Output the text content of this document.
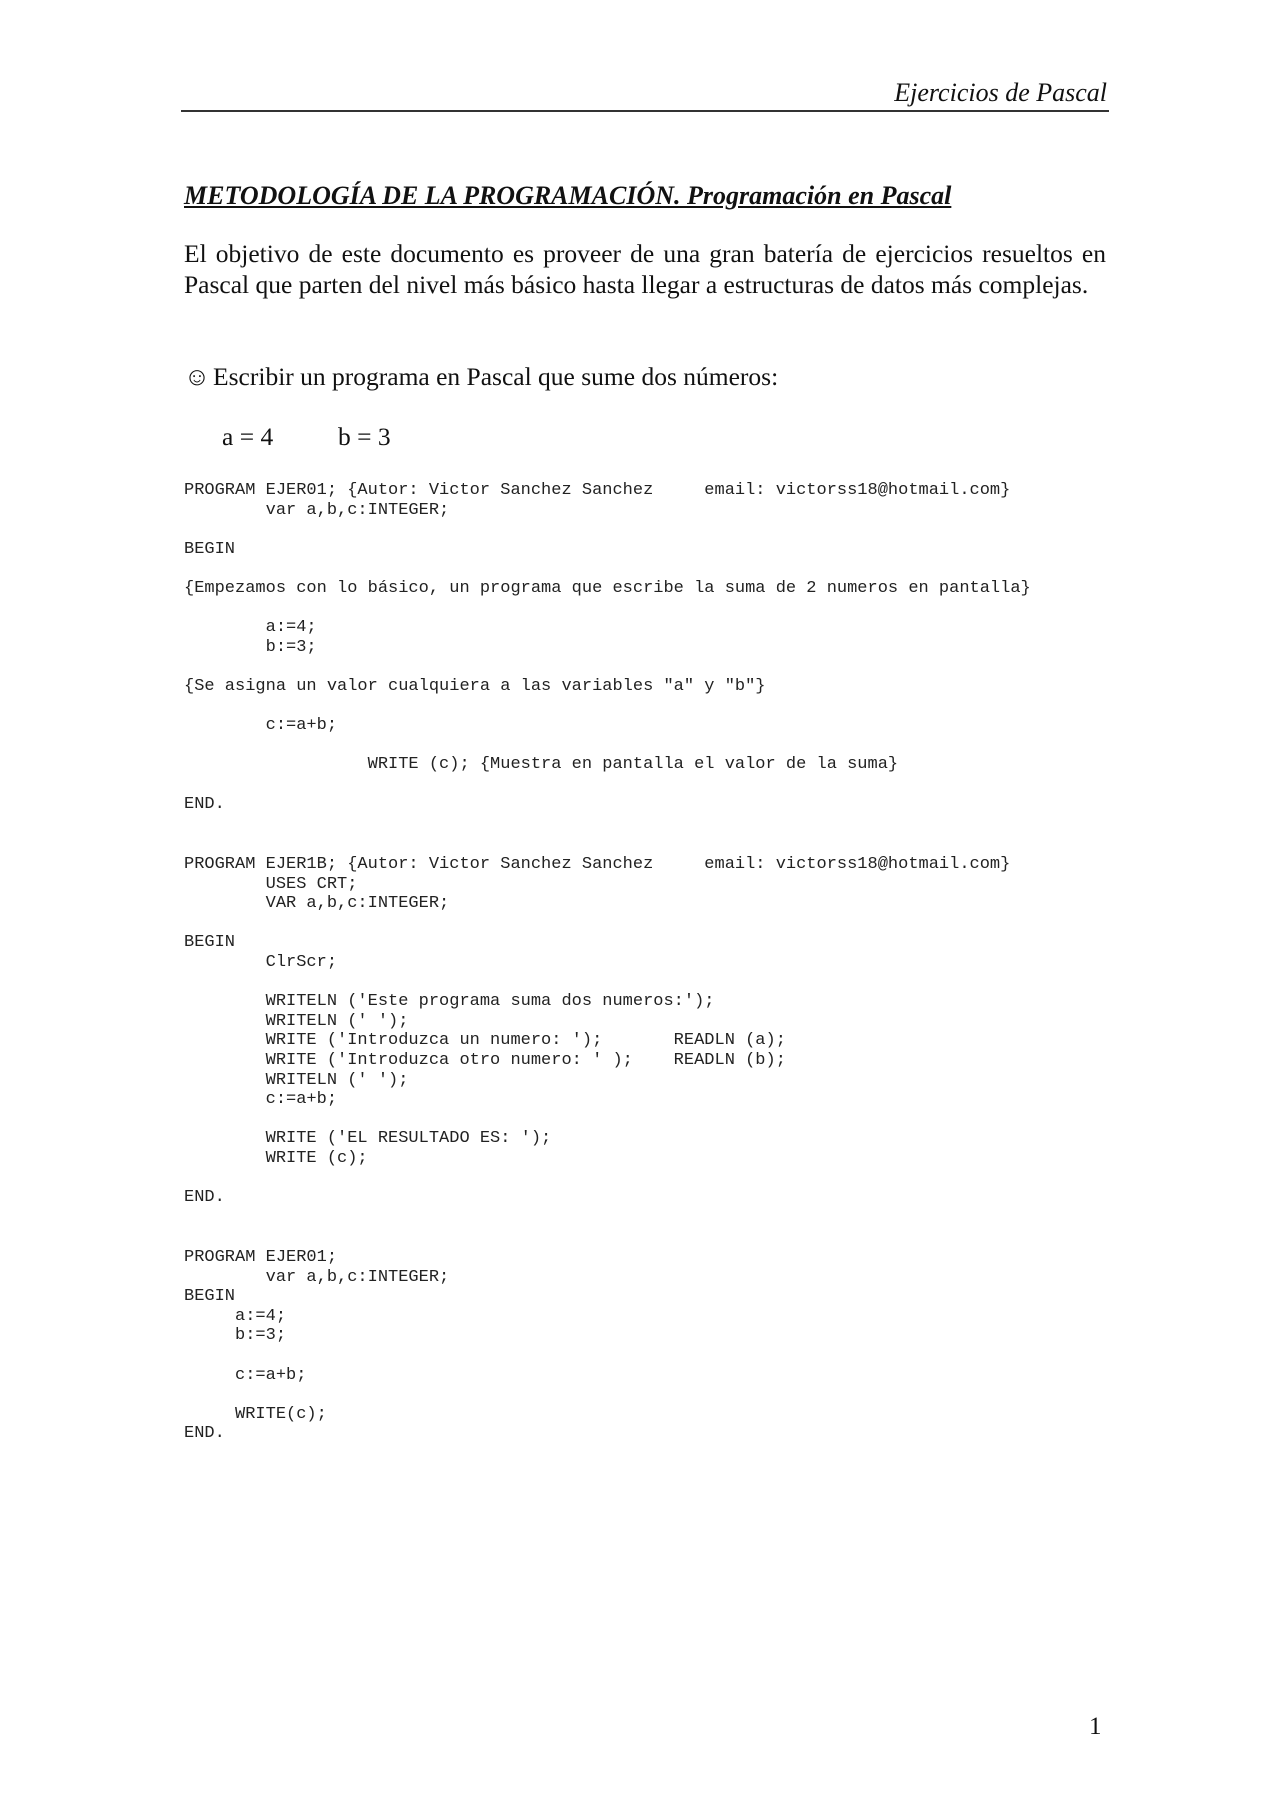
Ejercicios de Pascal
METODOLOGÍA DE LA PROGRAMACIÓN. Programación en Pascal

El objetivo de este documento es proveer de una gran batería de ejercicios resueltos en Pascal que parten del nivel más básico hasta llegar a estructuras de datos más complejas.

☺ Escribir un programa en Pascal que sume dos números:
a = 4	b = 3
PROGRAM EJER01; {Autor: Victor Sanchez Sanchez     email: victorss18@hotmail.com}
var a,b,c:INTEGER;

BEGIN

{Empezamos con lo básico, un programa que escribe la suma de 2 numeros en pantalla}

a:=4;
b:=3;

{Se asigna un valor cualquiera a las variables "a" y "b"}

c:=a+b;

WRITE (c); {Muestra en pantalla el valor de la suma}

END.
PROGRAM EJER1B; {Autor: Victor Sanchez Sanchez     email: victorss18@hotmail.com}
USES CRT;
VAR a,b,c:INTEGER;

BEGIN
ClrScr;

WRITELN ('Este programa suma dos numeros:');
WRITELN (' ');
WRITE ('Introduzca un numero: ');       READLN (a);
WRITE ('Introduzca otro numero: ' );    READLN (b);
WRITELN (' ');
c:=a+b;

WRITE ('EL RESULTADO ES: ');
WRITE (c);

END.
PROGRAM EJER01;
var a,b,c:INTEGER;
BEGIN
a:=4;
b:=3;

c:=a+b;

WRITE(c);
END.
1
